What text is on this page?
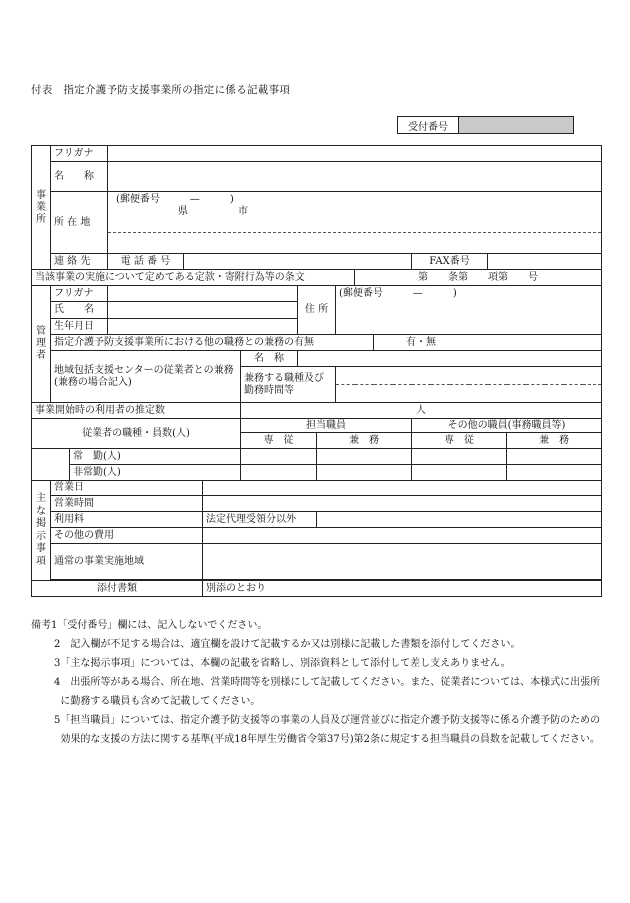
付表　指定介護予防支援事業所の指定に係る記載事項
受付番号	

事業所	フリガナ																												
	名　　称																												
	所 在 地			(郵便番号　　　—　　　)
県　　　　　市																									

	連 絡 先			電 話 番 号																FAX番号									
当該事業の実施について定めてある定款・寄附行為等の条文																	第　　条第　　項第　　号												
管理者	フリガナ													住 所		(郵便番号　　　—　　　)													
	氏　　名																												
	生年月日																												
	指定介護予防支援事業所における他の職務との兼務の有無																	有・無											
	地域包括支援センターの従業者との兼務(兼務の場合記入)										名　称																		
											兼務する職種及び勤務時間等																		

事業開始時の利用者の推定数											人																		
従業者の職種・員数(人)											担当職員									その他の職員(事務職員等)									
											専　従				兼　務					専　従					兼　務				
		常　勤(人)																											
		非常勤(人)																											

主な掲示事項	営業日																												
	営業時間																												
	利用料								法定代理受領分以外																				
	その他の費用																												
	通常の事業実施地域																												

添付書類									別添のとおり																				
備考1 「受付番号」欄には、記入しないでください。
2 　記入欄が不足する場合は、適宜欄を設けて記載するか又は別様に記載した書類を添付してください。
3 「主な掲示事項」については、本欄の記載を省略し、別添資料として添付して差し支えありません。
4 　出張所等がある場合、所在地、営業時間等を別様にして記載してください。また、従業者については、本様式に出張所に勤務する職員も含めて記載してください。
5 「担当職員」については、指定介護予防支援等の事業の人員及び運営並びに指定介護予防支援等に係る介護予防のための効果的な支援の方法に関する基準(平成18年厚生労働省令第37号)第2条に規定する担当職員の員数を記載してください。
